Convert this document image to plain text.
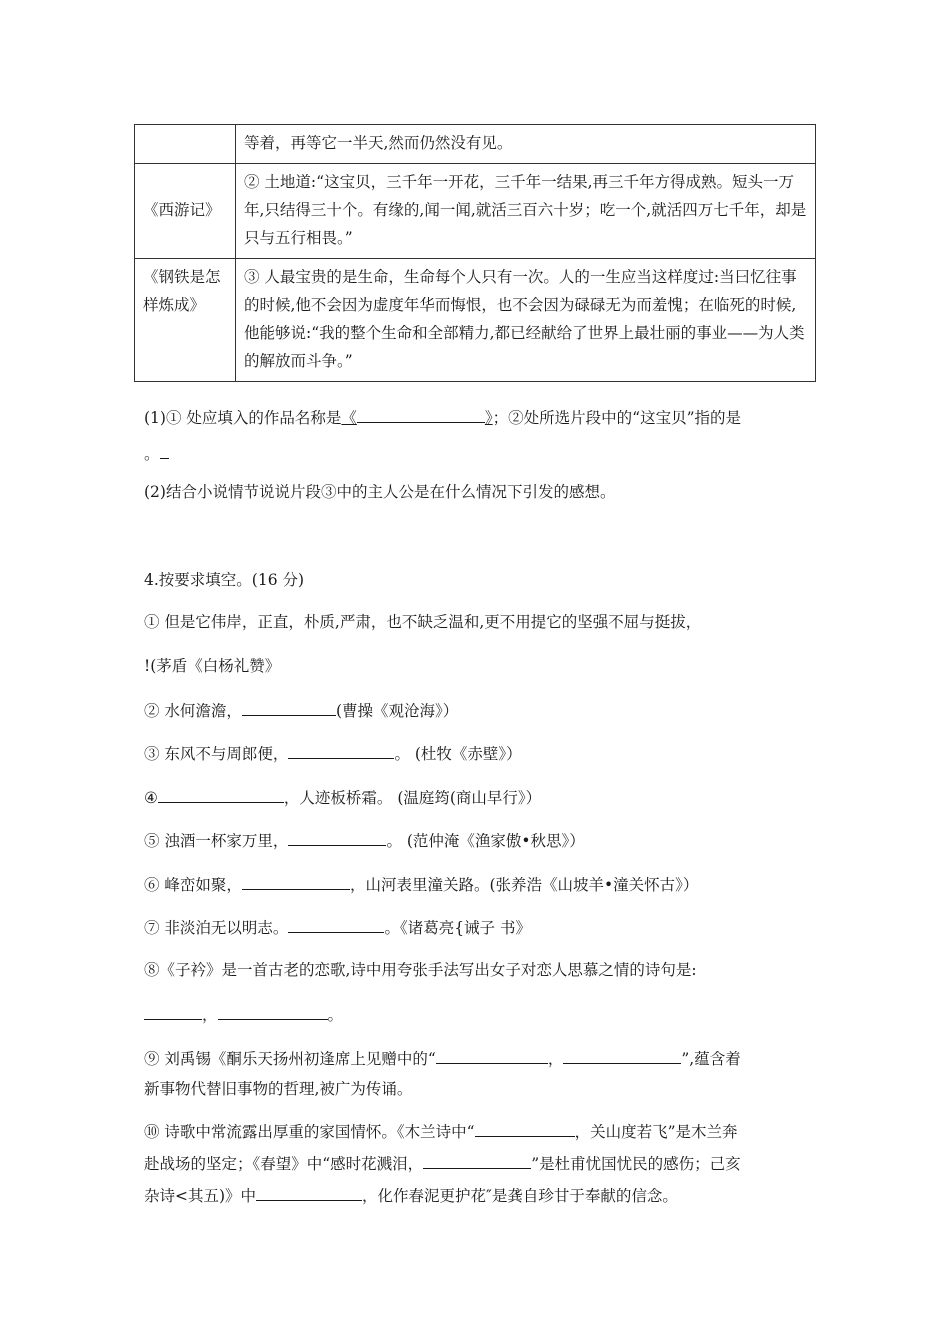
	等着，再等它一半天,然而仍然没有见。
《西游记》	② 土地道:“这宝贝，三千年一开花，三千年一结果,再三千年方得成熟。短头一万年,只结得三十个。有缘的,闻一闻,就活三百六十岁；吃一个,就活四万七千年，却是只与五行相畏。”
《钢铁是怎样炼成》	③ 人最宝贵的是生命，生命每个人只有一次。人的一生应当这样度过:当曰忆往事的时候,他不会因为虚度年华而悔恨，也不会因为碌碌无为而羞愧；在临死的时候,他能够说:“我的整个生命和全部精力,都已经献给了世界上最壮丽的事业——为人类的解放而斗争。”
(1)① 处应填入的作品名称是《	》；②处所选片段中的“这宝贝”指的是
。
(2)结合小说情节说说片段③中的主人公是在什么情况下引发的感想。
4.按要求填空。(16 分)
① 但是它伟岸，正直，朴质,严肃，也不缺乏温和,更不用提它的坚强不屈与挺拔，
!(茅盾《白杨礼赞》
② 水何澹澹，	(曹操《观沧海》）
③ 东风不与周郎便，	。 (杜牧《赤壁》）
④	，人迹板桥霜。 (温庭筠(商山早行》）
⑤ 浊酒一杯家万里，	。 (范仲淹《渔家傲•秋思》）
⑥ 峰峦如聚，	，山河表里潼关路。(张养浩《山坡羊•潼关怀古》）
⑦ 非淡泊无以明志。	。《诸葛亮{诫子 书》
⑧《子衿》是一首古老的恋歌,诗中用夸张手法写出女子对恋人思慕之情的诗句是:
，	。
⑨ 刘禹锡《酮乐天扬州初逢席上见赠中的“	，	”,蕴含着
新事物代替旧事物的哲理,被广为传诵。
⑩ 诗歌中常流露出厚重的家国情怀。《木兰诗中“	，关山度若飞”是木兰奔
赴战场的坚定；《春望》中“感时花溅泪，	”是杜甫忧国忧民的感伤；己亥
杂诗<其五)》中	，化作春泥更护花″是龚自珍甘于奉献的信念。
